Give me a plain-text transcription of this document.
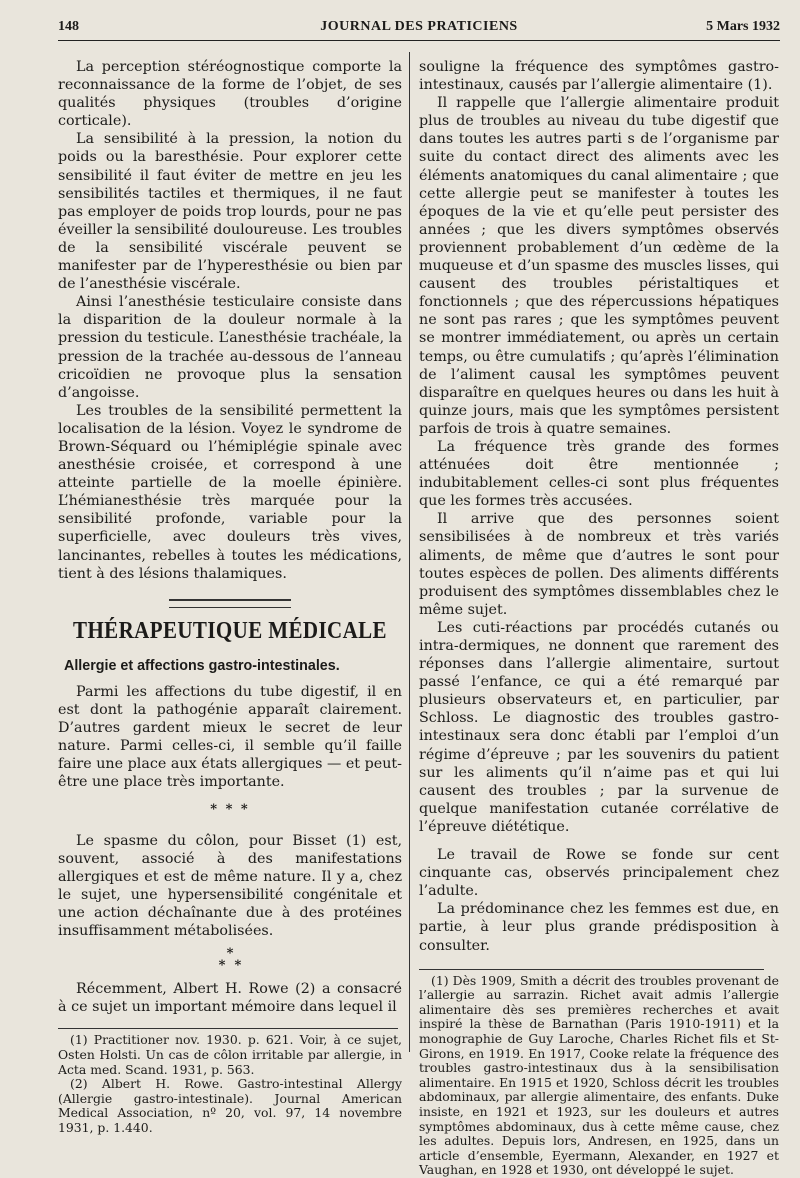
148	JOURNAL DES PRATICIENS	5 Mars 1932

La perception stéréognostique comporte la reconnaissance de la forme de l’objet, de ses qualités physiques (troubles d’origine corticale).

La sensibilité à la pression, la notion du poids ou la baresthésie. Pour explorer cette sensibilité il faut éviter de mettre en jeu les sensibilités tactiles et thermiques, il ne faut pas employer de poids trop lourds, pour ne pas éveiller la sensibilité douloureuse. Les troubles de la sensibilité viscérale peuvent se manifester par de l’hyperesthésie ou bien par de l’anesthésie viscérale.

Ainsi l’anesthésie testiculaire consiste dans la disparition de la douleur normale à la pression du testicule. L’anesthésie trachéale, la pression de la trachée au-dessous de l’anneau cricoïdien ne provoque plus la sensation d’angoisse.

Les troubles de la sensibilité permettent la localisation de la lésion. Voyez le syndrome de Brown-Séquard ou l’hémiplégie spinale avec anesthésie croisée, et correspond à une atteinte partielle de la moelle épinière. L’hémianesthésie très marquée pour la sensibilité profonde, variable pour la superficielle, avec douleurs très vives, lancinantes, rebelles à toutes les médications, tient à des lésions thalamiques.

THÉRAPEUTIQUE MÉDICALE
Allergie et affections gastro-intestinales.

Parmi les affections du tube digestif, il en est dont la pathogénie apparaît clairement. D’autres gardent mieux le secret de leur nature. Parmi celles-ci, il semble qu’il faille faire une place aux états allergiques — et peut-être une place très importante.

* * *

Le spasme du côlon, pour Bisset (1) est, souvent, associé à des manifestations allergiques et est de même nature. Il y a, chez le sujet, une hypersensibilité congénitale et une action déchaînante due à des protéines insuffisamment métabolisées.

*
*  *

Récemment, Albert H. Rowe (2) a consacré à ce sujet un important mémoire dans lequel il

(1) Practitioner nov. 1930. p. 621. Voir, à ce sujet, Osten Holsti. Un cas de côlon irritable par allergie, in Acta med. Scand. 1931, p. 563.

(2) Albert H. Rowe. Gastro-intestinal Allergy (Allergie gastro-intestinale). Journal American Medical Association, nº 20, vol. 97, 14 novembre 1931, p. 1.440.

souligne la fréquence des symptômes gastro-intestinaux, causés par l’allergie alimentaire (1).

Il rappelle que l’allergie alimentaire produit plus de troubles au niveau du tube digestif que dans toutes les autres parti s de l’organisme par suite du contact direct des aliments avec les éléments anatomiques du canal alimentaire ; que cette allergie peut se manifester à toutes les époques de la vie et qu’elle peut persister des années ; que les divers symptômes observés proviennent probablement d’un œdème de la muqueuse et d’un spasme des muscles lisses, qui causent des troubles péristaltiques et fonctionnels ; que des répercussions hépatiques ne sont pas rares ; que les symptômes peuvent se montrer immédiatement, ou après un certain temps, ou être cumulatifs ; qu’après l’élimination de l’aliment causal les symptômes peuvent disparaître en quelques heures ou dans les huit à quinze jours, mais que les symptômes persistent parfois de trois à quatre semaines.

La fréquence très grande des formes atténuées doit être mentionnée ; indubitablement celles-ci sont plus fréquentes que les formes très accusées.

Il arrive que des personnes soient sensibilisées à de nombreux et très variés aliments, de même que d’autres le sont pour toutes espèces de pollen. Des aliments différents produisent des symptômes dissemblables chez le même sujet.

Les cuti-réactions par procédés cutanés ou intra-dermiques, ne donnent que rarement des réponses dans l’allergie alimentaire, surtout passé l’enfance, ce qui a été remarqué par plusieurs observateurs et, en particulier, par Schloss. Le diagnostic des troubles gastro-intestinaux sera donc établi par l’emploi d’un régime d’épreuve ; par les souvenirs du patient sur les aliments qu’il n’aime pas et qui lui causent des troubles ; par la survenue de quelque manifestation cutanée corrélative de l’épreuve diététique.

Le travail de Rowe se fonde sur cent cinquante cas, observés principalement chez l’adulte.

La prédominance chez les femmes est due, en partie, à leur plus grande prédisposition à consulter.

(1) Dès 1909, Smith a décrit des troubles provenant de l’allergie au sarrazin. Richet avait admis l’allergie alimentaire dès ses premières recherches et avait inspiré la thèse de Barnathan (Paris 1910-1911) et la monographie de Guy Laroche, Charles Richet fils et St-Girons, en 1919. En 1917, Cooke relate la fréquence des troubles gastro-intestinaux dus à la sensibilisation alimentaire. En 1915 et 1920, Schloss décrit les troubles abdominaux, par allergie alimentaire, des enfants. Duke insiste, en 1921 et 1923, sur les douleurs et autres symptômes abdominaux, dus à cette même cause, chez les adultes. Depuis lors, Andresen, en 1925, dans un article d’ensemble, Eyermann, Alexander, en 1927 et Vaughan, en 1928 et 1930, ont développé le sujet.
